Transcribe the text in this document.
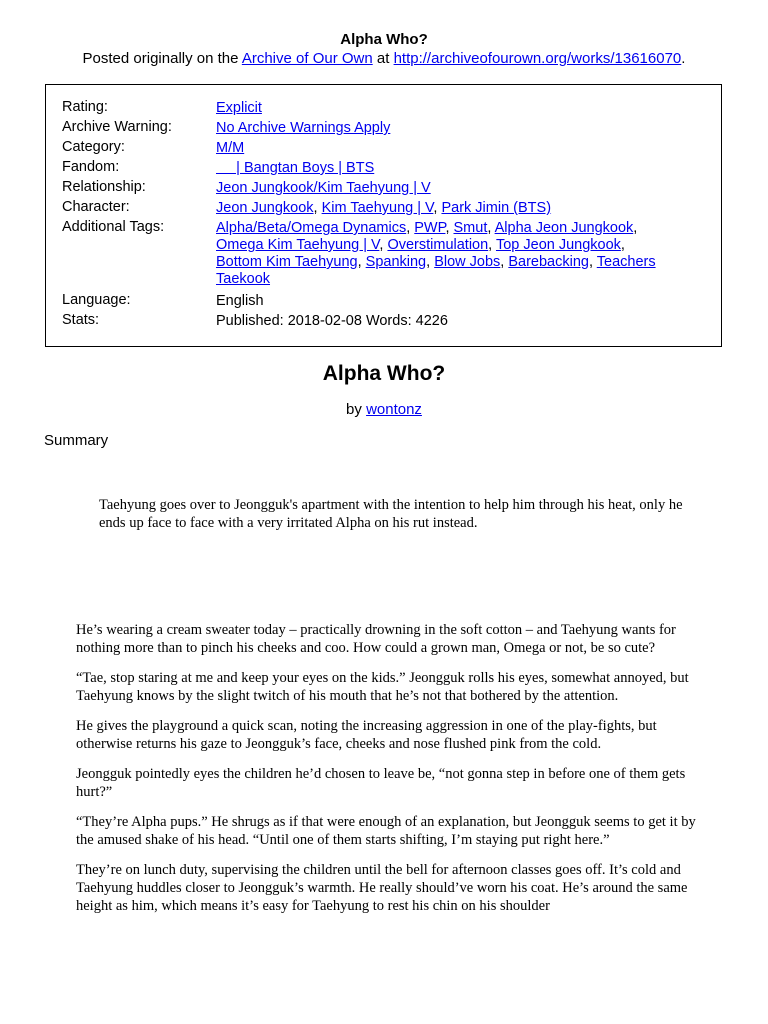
Alpha Who?
Posted originally on the Archive of Our Own at http://archiveofourown.org/works/13616070.
Rating:	Explicit
Archive Warning:	No Archive Warnings Apply
Category:	M/M
Fandom:	| Bangtan Boys | BTS
Relationship:	Jeon Jungkook/Kim Taehyung | V
Character:	Jeon Jungkook, Kim Taehyung | V, Park Jimin (BTS)
Additional Tags:	Alpha/Beta/Omega Dynamics, PWP, Smut, Alpha Jeon Jungkook,
Omega Kim Taehyung | V, Overstimulation, Top Jeon Jungkook,
Bottom Kim Taehyung, Spanking, Blow Jobs, Barebacking, Teachers
Taekook
Language:	English
Stats:	Published: 2018-02-08 Words: 4226
Alpha Who?
by wontonz
Summary
Taehyung goes over to Jeongguk's apartment with the intention to help him through his heat, only he ends up face to face with a very irritated Alpha on his rut instead.

He’s wearing a cream sweater today – practically drowning in the soft cotton – and Taehyung wants for nothing more than to pinch his cheeks and coo. How could a grown man, Omega or not, be so cute?

“Tae, stop staring at me and keep your eyes on the kids.” Jeongguk rolls his eyes, somewhat annoyed, but Taehyung knows by the slight twitch of his mouth that he’s not that bothered by the attention.

He gives the playground a quick scan, noting the increasing aggression in one of the play-fights, but otherwise returns his gaze to Jeongguk’s face, cheeks and nose flushed pink from the cold.

Jeongguk pointedly eyes the children he’d chosen to leave be, “not gonna step in before one of them gets hurt?”

“They’re Alpha pups.” He shrugs as if that were enough of an explanation, but Jeongguk seems to get it by the amused shake of his head. “Until one of them starts shifting, I’m staying put right here.”

They’re on lunch duty, supervising the children until the bell for afternoon classes goes off. It’s cold and Taehyung huddles closer to Jeongguk’s warmth. He really should’ve worn his coat. He’s around the same height as him, which means it’s easy for Taehyung to rest his chin on his shoulder
